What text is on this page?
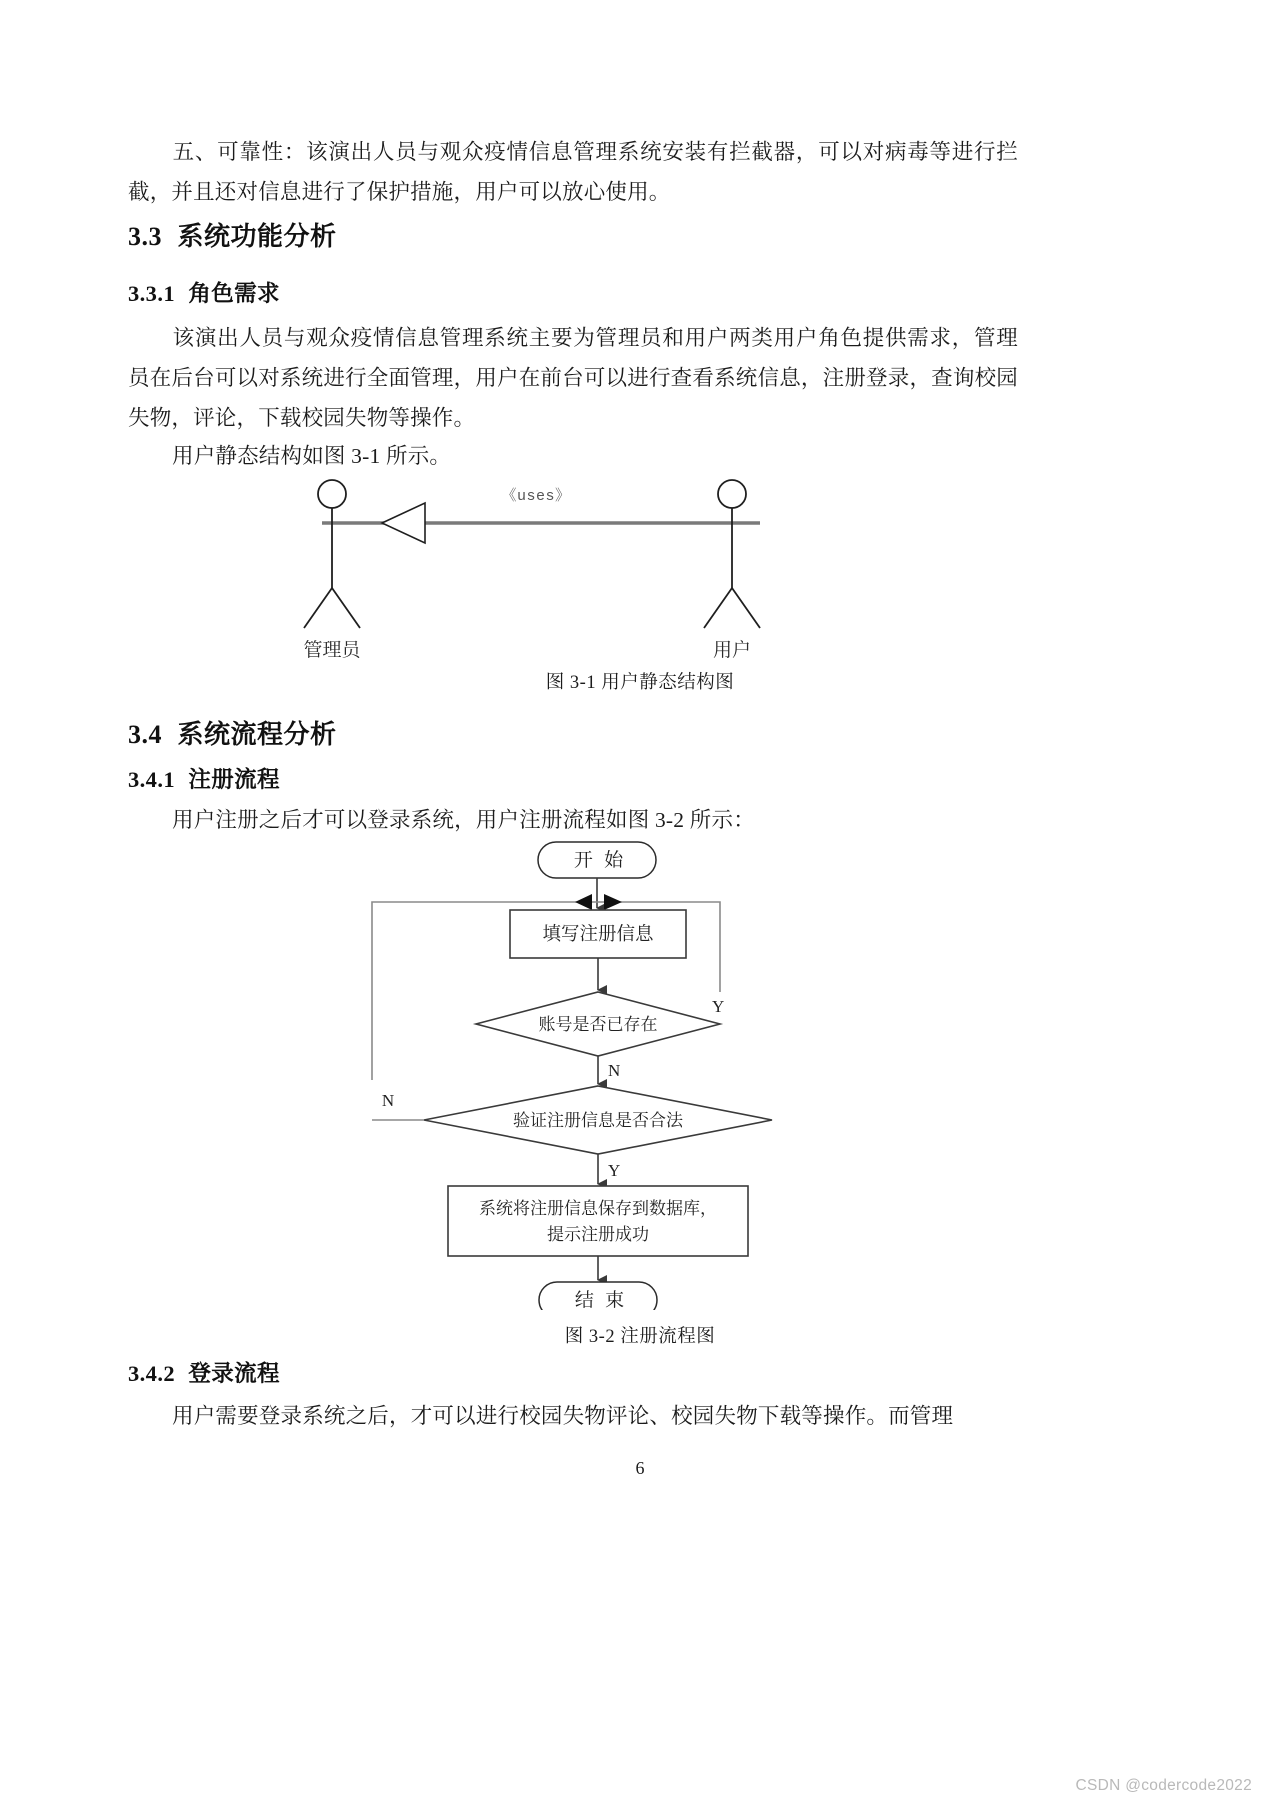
五、可靠性：该演出人员与观众疫情信息管理系统安装有拦截器，可以对病毒等进行拦截，并且还对信息进行了保护措施，用户可以放心使用。
3.3 系统功能分析
3.3.1 角色需求
该演出人员与观众疫情信息管理系统主要为管理员和用户两类用户角色提供需求，管理员在后台可以对系统进行全面管理，用户在前台可以进行查看系统信息，注册登录，查询校园失物，评论，下载校园失物等操作。
用户静态结构如图 3-1 所示。
管理员	用户
《uses》
图 3-1 用户静态结构图
3.4 系统流程分析
3.4.1 注册流程
用户注册之后才可以登录系统，用户注册流程如图 3-2 所示：
开 始
填写注册信息
账号是否已存在
Y
N
验证注册信息是否合法
N
Y
系统将注册信息保存到数据库，
提示注册成功
结 束
图 3-2 注册流程图
3.4.2 登录流程
用户需要登录系统之后，才可以进行校园失物评论、校园失物下载等操作。而管理
6
CSDN @codercode2022
